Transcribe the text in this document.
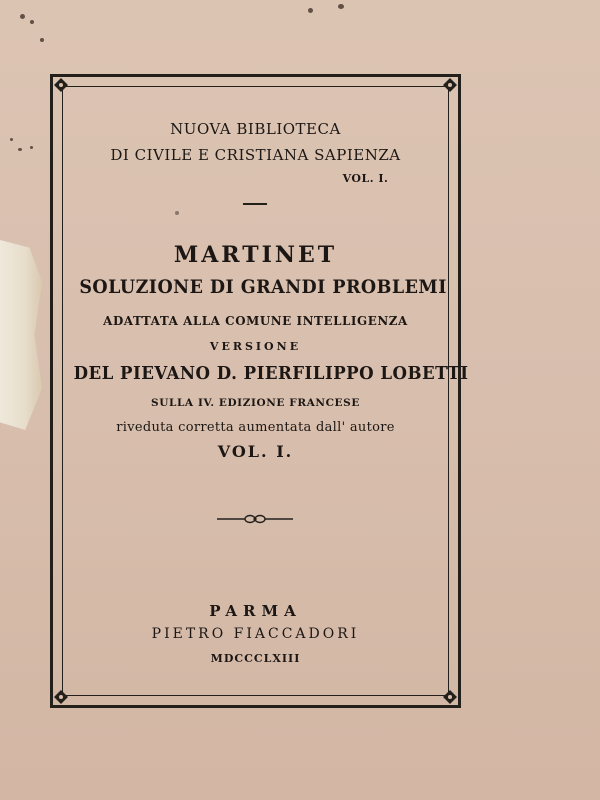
NUOVA BIBLIOTECA
DI CIVILE E CRISTIANA SAPIENZA
VOL. I.
MARTINET
SOLUZIONE DI GRANDI PROBLEMI
ADATTATA ALLA COMUNE INTELLIGENZA
VERSIONE
DEL PIEVANO D. PIERFILIPPO LOBETTI
SULLA IV. EDIZIONE FRANCESE
riveduta corretta aumentata dall' autore
VOL. I.
PARMA
PIETRO FIACCADORI
MDCCCLXIII
